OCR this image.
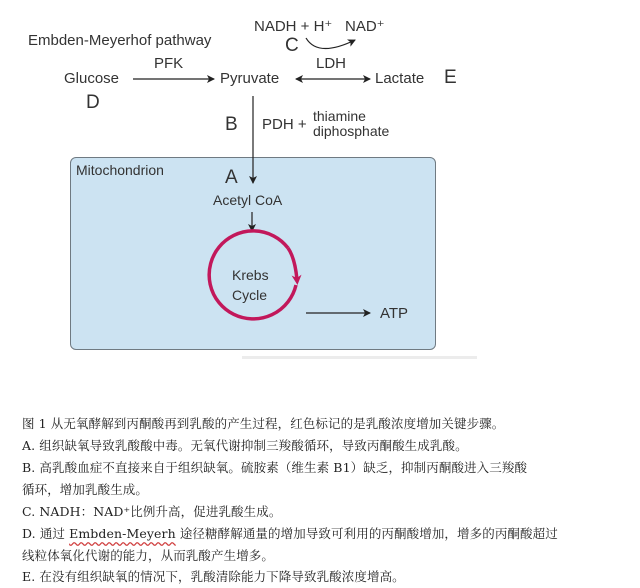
Embden-Meyerhof pathway
NADH + H⁺ NAD⁺
C
PFK	LDH
Glucose	Pyruvate	Lactate E
D
B PDH + thiamine
diphosphate
Mitochondrion	A
Acetyl CoA
Krebs
Cycle
ATP
图 1 从无氧酵解到丙酮酸再到乳酸的产生过程，红色标记的是乳酸浓度增加关键步骤。
A. 组织缺氧导致乳酸酸中毒。无氧代谢抑制三羧酸循环，导致丙酮酸生成乳酸。
B. 高乳酸血症不直接来自于组织缺氧。硫胺素（维生素 B1）缺乏，抑制丙酮酸进入三羧酸
循环，增加乳酸生成。
C. NADH：NAD⁺比例升高，促进乳酸生成。
D. 通过 Embden-Meyerh 途径糖酵解通量的增加导致可利用的丙酮酸增加，增多的丙酮酸超过
线粒体氧化代谢的能力，从而乳酸产生增多。
E. 在没有组织缺氧的情况下，乳酸清除能力下降导致乳酸浓度增高。
